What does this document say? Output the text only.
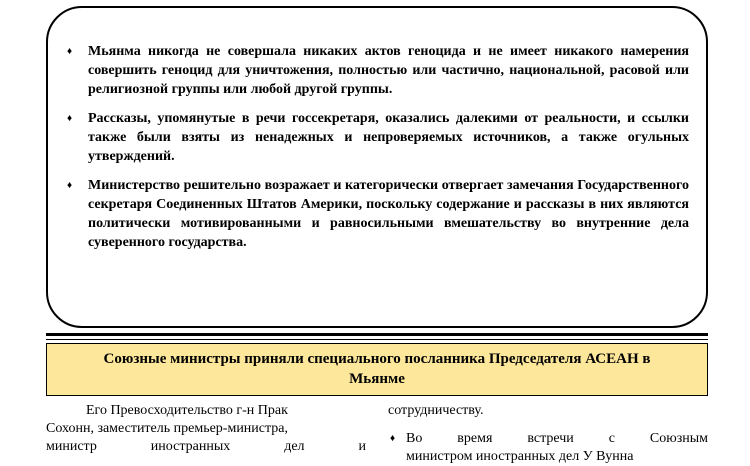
♦ Мьянма никогда не совершала никаких актов геноцида и не имеет никакого намерения совершить геноцид для уничтожения, полностью или частично, национальной, расовой или религиозной группы или любой другой группы.
♦ Рассказы, упомянутые в речи госсекретаря, оказались далекими от реальности, и ссылки также были взяты из ненадежных и непроверяемых источников, а также огульных утверждений.
♦ Министерство решительно возражает и категорически отвергает замечания Государственного секретаря Соединенных Штатов Америки, поскольку содержание и рассказы в них являются политически мотивированными и равносильными вмешательству во внутренние дела суверенного государства.
Союзные министры приняли специального посланника Председателя АСЕАН в
Мьянме

Его Превосходительство г-н Прак

Сохонн, заместитель премьер-министра,

министр иностранных дел и

сотрудничеству.

♦ Во время встречи с Союзным

министром иностранных дел У Вунна
